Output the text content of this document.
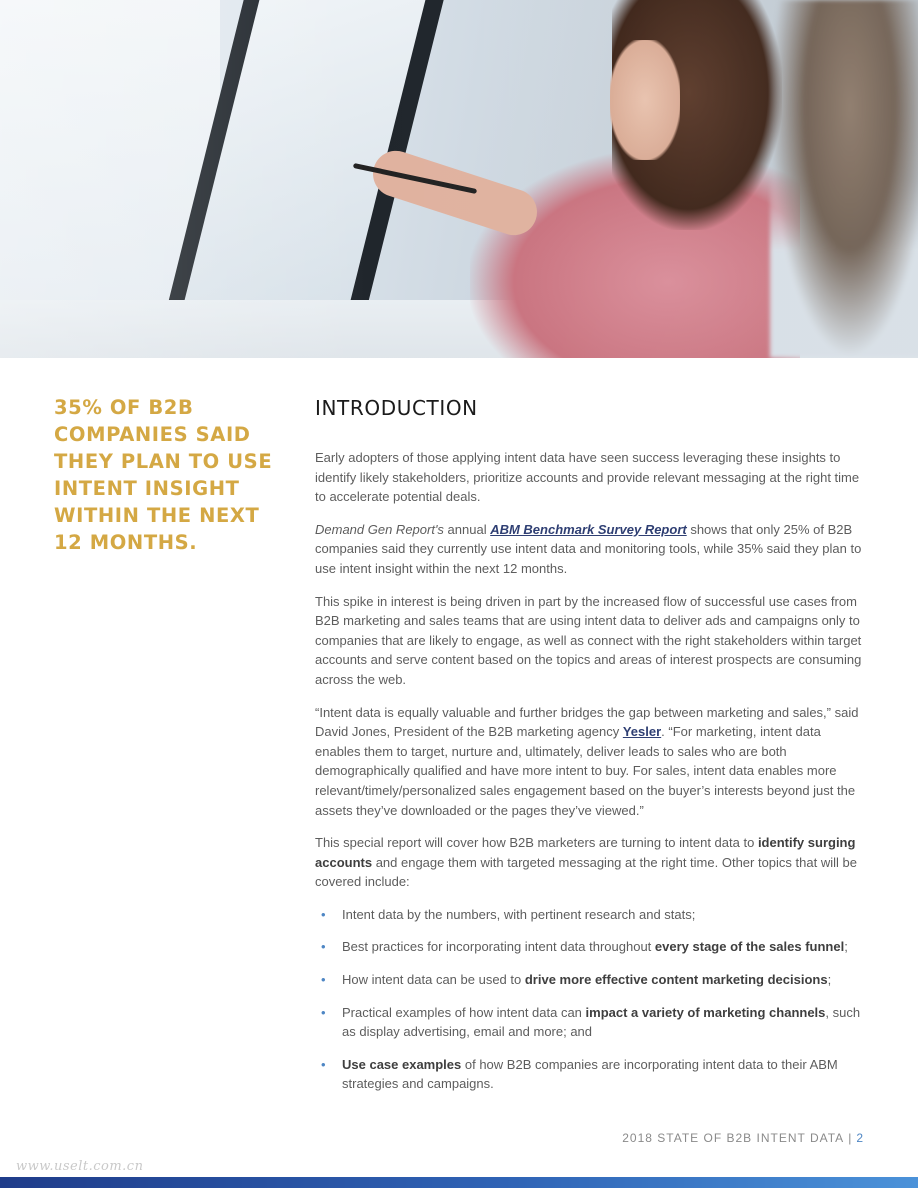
35% OF B2B COMPANIES SAID THEY PLAN TO USE INTENT INSIGHT WITHIN THE NEXT 12 MONTHS.

INTRODUCTION

Early adopters of those applying intent data have seen success leveraging these insights to identify likely stakeholders, prioritize accounts and provide relevant messaging at the right time to accelerate potential deals.

Demand Gen Report's annual ABM Benchmark Survey Report shows that only 25% of B2B companies said they currently use intent data and monitoring tools, while 35% said they plan to use intent insight within the next 12 months.

This spike in interest is being driven in part by the increased flow of successful use cases from B2B marketing and sales teams that are using intent data to deliver ads and campaigns only to companies that are likely to engage, as well as connect with the right stakeholders within target accounts and serve content based on the topics and areas of interest prospects are consuming across the web.

“Intent data is equally valuable and further bridges the gap between marketing and sales,” said David Jones, President of the B2B marketing agency Yesler. “For marketing, intent data enables them to target, nurture and, ultimately, deliver leads to sales who are both demographically qualified and have more intent to buy. For sales, intent data enables more relevant/timely/personalized sales engagement based on the buyer’s interests beyond just the assets they’ve downloaded or the pages they’ve viewed.”

This special report will cover how B2B marketers are turning to intent data to identify surging accounts and engage them with targeted messaging at the right time. Other topics that will be covered include:

• Intent data by the numbers, with pertinent research and stats;
• Best practices for incorporating intent data throughout every stage of the sales funnel;
• How intent data can be used to drive more effective content marketing decisions;
• Practical examples of how intent data can impact a variety of marketing channels, such as display advertising, email and more; and
• Use case examples of how B2B companies are incorporating intent data to their ABM strategies and campaigns.
2018 STATE OF B2B INTENT DATA | 2
www.uselt.com.cn
